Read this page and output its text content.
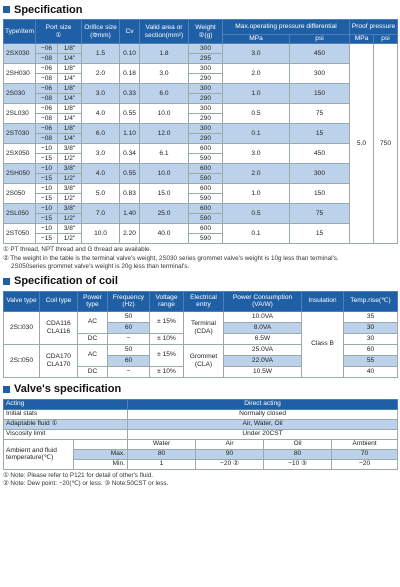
Specification
Type\Item	Port size
①		Orifice size
(Φmm)	Cv	Valid area or section(mm²)	Weight
②(g)	Max.operating pressure differential		Proof pressure	
							MPa	psi	MPa	psi
2SX030	−06	1/8"	1.5	0.10	1.8	300	3.0	450	5.0	750
	−08	1/4"				295				
2SH030	−06	1/8"	2.0	0.18	3.0	300	2.0	300		
	−08	1/4"				290				
2S030	−06	1/8"	3.0	0.33	6.0	300	1.0	150		
	−08	1/4"				290				
2SL030	−06	1/8"	4.0	0.55	10.0	300	0.5	75		
	−08	1/4"				290				
2ST030	−06	1/8"	6.0	1.10	12.0	300	0.1	15		
	−08	1/4"				290				
2SX050	−10	3/8"	3.0	0.34	6.1	600	3.0	450		
	−15	1/2"				590				
2SH050	−10	3/8"	4.0	0.55	10.0	600	2.0	300		
	−15	1/2"				590				
2S050	−10	3/8"	5.0	0.83	15.0	600	1.0	150		
	−15	1/2"				590				
2SL050	−10	3/8"	7.0	1.40	25.0	600	0.5	75		
	−15	1/2"				590				
2ST050	−10	3/8"	10.0	2.20	40.0	600	0.1	15		
	−15	1/2"				590				
① PT thread, NPT thread and G thread are available.
② The weight in the table is the terminal valve's weight, 2S030 series grommet valve's weight is 10g less than terminal's.
2S050series grommet valve's weight is 20g less than terminal's.
Specification of coil
Valve type	Coil type	Power type	Frequency (Hz)	Voltage range	Electrical entry	Power Consumption (VA/W)	Insulation	Temp.rise(℃)
2S□030	CDA116 CLA116	AC	50	± 15%	Terminal (CDA)	10.0VA	Class B	35
			60			8.0VA		30
		DC	−	± 10%		6.5W		30
2S□050	CDA170 CLA170	AC	50	± 15%	Grommet (CLA)	25.0VA		60
			60			22.0VA		55
		DC	−	± 10%		10.5W		40
Valve's specification
Acting		Direct acting			
Initial stats		Normally closed			
Adaptable fluid ①		Air, Water, Oil			
Viscosity limit		Under 20CST			
Ambient and fluid temperature(℃)		Water	Air	Oil	Ambient
	Max.	80	90	80	70
	Min.	1	−20 ②	−10 ③	−20
① Note: Please refer to P121 for detail of other's fluid.
② Note: Dew point: −20(℃) or less. ③ Note:50CST or less.
